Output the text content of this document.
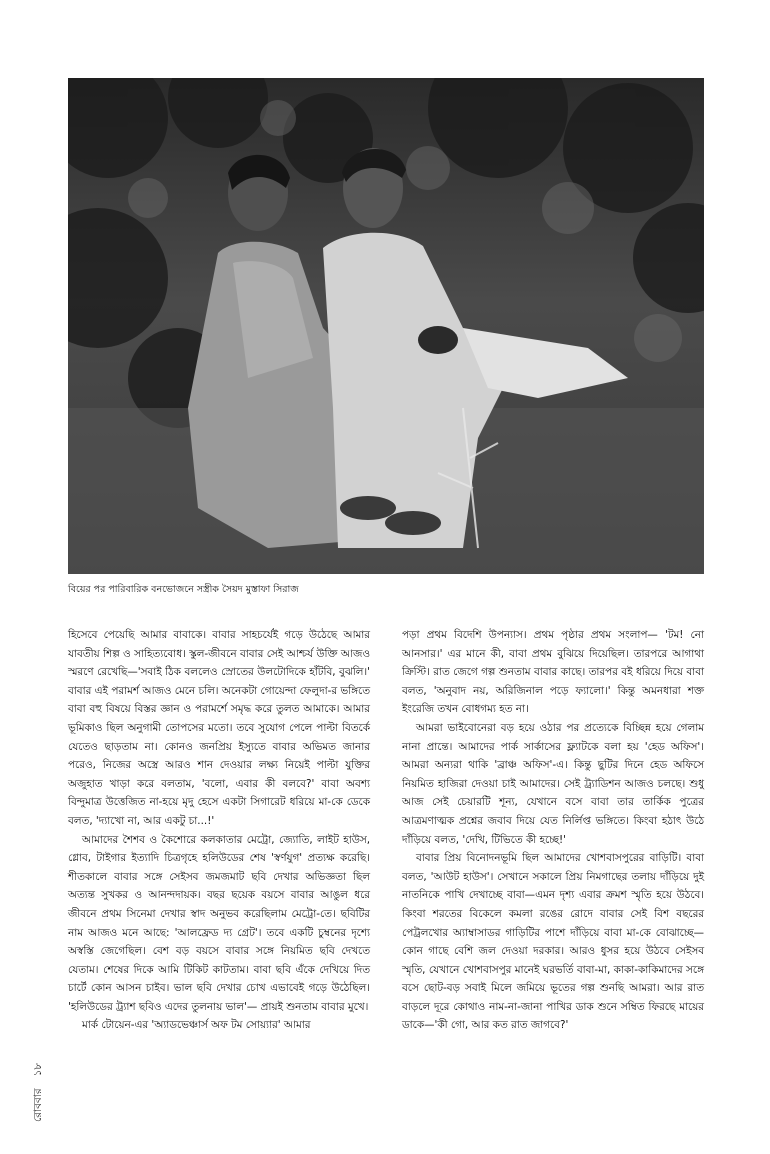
বিয়ের পর পারিবারিক বনভোজনে সস্ত্রীক সৈয়দ মুস্তাফা সিরাজ

হিসেবে পেয়েছি আমার বাবাকে। বাবার সাহচর্যেই গড়ে উঠেছে আমার যাবতীয় শিল্প ও সাহিত্যবোধ। স্কুল-জীবনে বাবার সেই আশ্চর্য উক্তি আজও স্মরণে রেখেছি—'সবাই ঠিক বললেও স্রোতের উলটোদিকে হাঁটবি, বুঝলি।' বাবার এই পরামর্শ আজও মেনে চলি। অনেকটা গোয়েন্দা ফেলুদা-র ভঙ্গিতে বাবা বহু বিষয়ে বিস্তর জ্ঞান ও পরামর্শে সমৃদ্ধ করে তুলত আমাকে। আমার ভূমিকাও ছিল অনুগামী তোপসের মতো। তবে সুযোগ পেলে পাল্টা বিতর্কে যেতেও ছাড়তাম না। কোনও জনপ্রিয় ইস্যুতে বাবার অভিমত জানার পরেও, নিজের অস্ত্রে আরও শান দেওয়ার লক্ষ্য নিয়েই পাল্টা যুক্তির অজুহাত খাড়া করে বলতাম, 'বলো, এবার কী বলবে?' বাবা অবশ্য বিন্দুমাত্র উত্তেজিত না-হয়ে মৃদু হেসে একটা সিগারেট ধরিয়ে মা-কে ডেকে বলত, 'দ্যাখো না, আর একটু চা...!'

আমাদের শৈশব ও কৈশোরে কলকাতার মেট্রো, জ্যোতি, লাইট হাউস, গ্লোব, টাইগার ইত্যাদি চিত্রগৃহে হলিউডের শেষ 'স্বর্ণযুগ' প্রত্যক্ষ করেছি। শীতকালে বাবার সঙ্গে সেইসব জমজমাট ছবি দেখার অভিজ্ঞতা ছিল অত্যন্ত সুখকর ও আনন্দদায়ক। বছর ছয়েক বয়সে বাবার আঙুল ধরে জীবনে প্রথম সিনেমা দেখার স্বাদ অনুভব করেছিলাম মেট্রো-তে। ছবিটির নাম আজও মনে আছে: 'আলফ্রেড দ্য গ্রেট'। তবে একটি চুম্বনের দৃশ্যে অস্বস্তি জেগেছিল। বেশ বড় বয়সে বাবার সঙ্গে নিয়মিত ছবি দেখতে যেতাম। শেষের দিকে আমি টিকিট কাটতাম। বাবা ছবি এঁকে দেখিয়ে দিত চার্টে কোন আসন চাইব। ভাল ছবি দেখার চোখ এভাবেই গড়ে উঠেছিল। 'হলিউডের ট্র্যাশ ছবিও এদের তুলনায় ভাল'— প্রায়ই শুনতাম বাবার মুখে।

মার্ক টোয়েন-এর 'অ্যাডভেঞ্চার্স অফ টম সোয়্যার' আমার

পড়া প্রথম বিদেশি উপন্যাস। প্রথম পৃষ্ঠার প্রথম সংলাপ— 'টম! নো আনসার।' এর মানে কী, বাবা প্রথম বুঝিয়ে দিয়েছিল। তারপরে আগাথা ক্রিস্টি। রাত জেগে গল্প শুনতাম বাবার কাছে। তারপর বই ধরিয়ে দিয়ে বাবা বলত, 'অনুবাদ নয়, অরিজিনাল পড়ে ফ্যালো।' কিন্তু অমনধারা শক্ত ইংরেজি তখন বোধগম্য হত না।

আমরা ভাইবোনেরা বড় হয়ে ওঠার পর প্রত্যেকে বিচ্ছিন্ন হয়ে গেলাম নানা প্রান্তে। আমাদের পার্ক সার্কাসের ফ্ল্যাটকে বলা হয় 'হেড অফিস'। আমরা অন্যরা থাকি 'ব্রাঞ্চ অফিস'-এ। কিন্তু ছুটির দিনে হেড অফিসে নিয়মিত হাজিরা দেওয়া চাই আমাদের। সেই ট্র্যাডিশন আজও চলছে। শুধু আজ সেই চেয়ারটি শূন্য, যেখানে বসে বাবা তার তার্কিক পুত্রের আত্রমণাত্মক প্রশ্নের জবাব দিয়ে যেত নির্লিপ্ত ভঙ্গিতে। কিংবা হঠাৎ উঠে দাঁড়িয়ে বলত, 'দেখি, টিভিতে কী হচ্ছে!'

বাবার প্রিয় বিনোদনভূমি ছিল আমাদের খোশবাসপুরের বাড়িটি। বাবা বলত, 'আউট হাউস'। সেখানে সকালে প্রিয় নিমগাছের তলায় দাঁড়িয়ে দুই নাতনিকে পাখি দেখাচ্ছে বাবা—এমন দৃশ্য এবার ক্রমশ স্মৃতি হয়ে উঠবে। কিংবা শরতের বিকেলে কমলা রঙের রোদে বাবার সেই বিশ বছরের পেট্রলখোর অ্যাম্বাসাডর গাড়িটির পাশে দাঁড়িয়ে বাবা মা-কে বোঝাচ্ছে—কোন গাছে বেশি জল দেওয়া দরকার। আরও ধুসর হয়ে উঠবে সেইসব স্মৃতি, যেখানে খোশবাসপুর মানেই ঘরভর্তি বাবা-মা, কাকা-কাকিমাদের সঙ্গে বসে ছোট-বড় সবাই মিলে জমিয়ে ভূতের গল্প শুনছি আমরা। আর রাত বাড়লে দূরে কোথাও নাম-না-জানা পাখির ডাক শুনে সম্বিত ফিরছে মায়ের ডাকে—'কী গো, আর কত রাত জাগবে?'

রোববার১৮
